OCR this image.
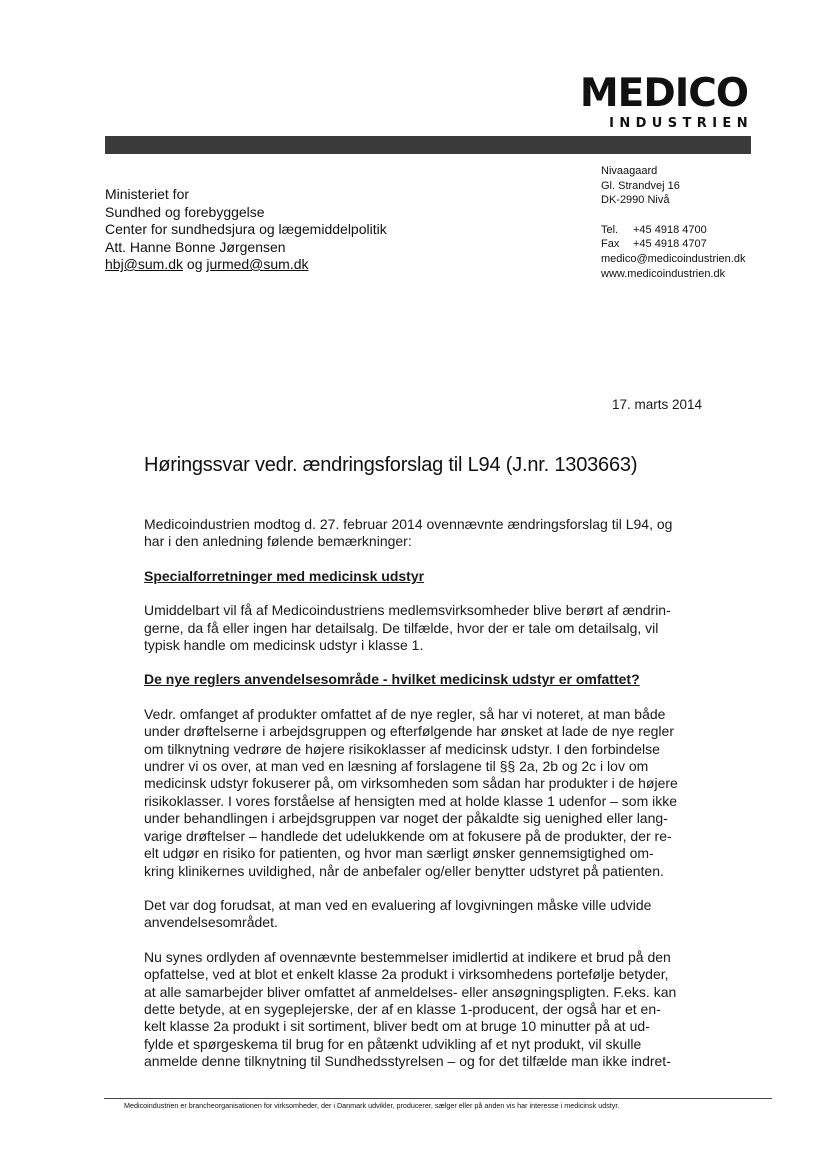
MEDICO
INDUSTRIEN
Ministeriet for
Sundhed og forebyggelse
Center for sundhedsjura og lægemiddelpolitik
Att. Hanne Bonne Jørgensen
hbj@sum.dk og jurmed@sum.dk
Nivaagaard
Gl. Strandvej 16
DK-2990 Nivå
Tel. +45 4918 4700
Fax +45 4918 4707
medico@medicoindustrien.dk
www.medicoindustrien.dk
17. marts 2014
Høringssvar vedr. ændringsforslag til L94 (J.nr. 1303663)

Medicoindustrien modtog d. 27. februar 2014 ovennævnte ændringsforslag til L94, og
har i den anledning følende bemærkninger:

Specialforretninger med medicinsk udstyr

Umiddelbart vil få af Medicoindustriens medlemsvirksomheder blive berørt af ændrin-
gerne, da få eller ingen har detailsalg. De tilfælde, hvor der er tale om detailsalg, vil
typisk handle om medicinsk udstyr i klasse 1.

De nye reglers anvendelsesområde - hvilket medicinsk udstyr er omfattet?

Vedr. omfanget af produkter omfattet af de nye regler, så har vi noteret, at man både
under drøftelserne i arbejdsgruppen og efterfølgende har ønsket at lade de nye regler
om tilknytning vedrøre de højere risikoklasser af medicinsk udstyr. I den forbindelse
undrer vi os over, at man ved en læsning af forslagene til §§ 2a, 2b og 2c i lov om
medicinsk udstyr fokuserer på, om virksomheden som sådan har produkter i de højere
risikoklasser. I vores forståelse af hensigten med at holde klasse 1 udenfor – som ikke
under behandlingen i arbejdsgruppen var noget der påkaldte sig uenighed eller lang-
varige drøftelser – handlede det udelukkende om at fokusere på de produkter, der re-
elt udgør en risiko for patienten, og hvor man særligt ønsker gennemsigtighed om-
kring klinikernes uvildighed, når de anbefaler og/eller benytter udstyret på patienten.

Det var dog forudsat, at man ved en evaluering af lovgivningen måske ville udvide
anvendelsesområdet.

Nu synes ordlyden af ovennævnte bestemmelser imidlertid at indikere et brud på den
opfattelse, ved at blot et enkelt klasse 2a produkt i virksomhedens portefølje betyder,
at alle samarbejder bliver omfattet af anmeldelses- eller ansøgningspligten. F.eks. kan
dette betyde, at en sygeplejerske, der af en klasse 1-producent, der også har et en-
kelt klasse 2a produkt i sit sortiment, bliver bedt om at bruge 10 minutter på at ud-
fylde et spørgeskema til brug for en påtænkt udvikling af et nyt produkt, vil skulle
anmelde denne tilknytning til Sundhedsstyrelsen – og for det tilfælde man ikke indret-

Medicoindustrien er brancheorganisationen for virksomheder, der i Danmark udvikler, producerer, sælger eller på anden vis har interesse i medicinsk udstyr.
